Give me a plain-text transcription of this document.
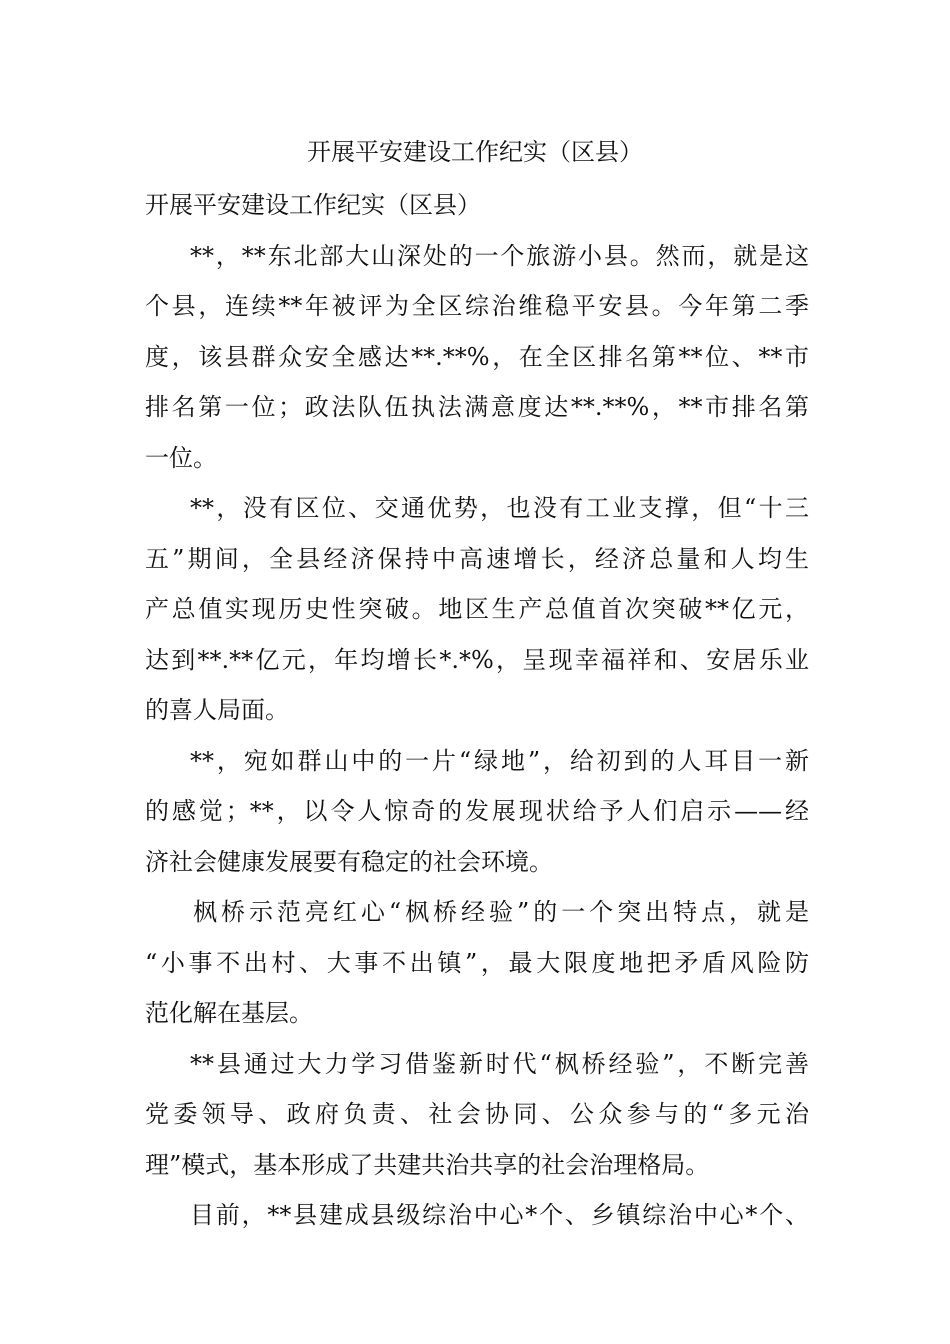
开展平安建设工作纪实（区县）
开展平安建设工作纪实（区县）
**，**东北部大山深处的一个旅游小县。然而，就是这
个县，连续**年被评为全区综治维稳平安县。今年第二季
度，该县群众安全感达**.**%，在全区排名第**位、**市
排名第一位；政法队伍执法满意度达**.**%，**市排名第
一位。
**，没有区位、交通优势，也没有工业支撑，但“十三
五”期间，全县经济保持中高速增长，经济总量和人均生
产总值实现历史性突破。地区生产总值首次突破**亿元，
达到**.**亿元，年均增长*.*%，呈现幸福祥和、安居乐业
的喜人局面。
**，宛如群山中的一片“绿地”，给初到的人耳目一新
的感觉；**，以令人惊奇的发展现状给予人们启示——经
济社会健康发展要有稳定的社会环境。
枫桥示范亮红心“枫桥经验”的一个突出特点，就是
“小事不出村、大事不出镇”，最大限度地把矛盾风险防
范化解在基层。
**县通过大力学习借鉴新时代“枫桥经验”，不断完善
党委领导、政府负责、社会协同、公众参与的“多元治
理”模式，基本形成了共建共治共享的社会治理格局。
目前，**县建成县级综治中心*个、乡镇综治中心*个、
